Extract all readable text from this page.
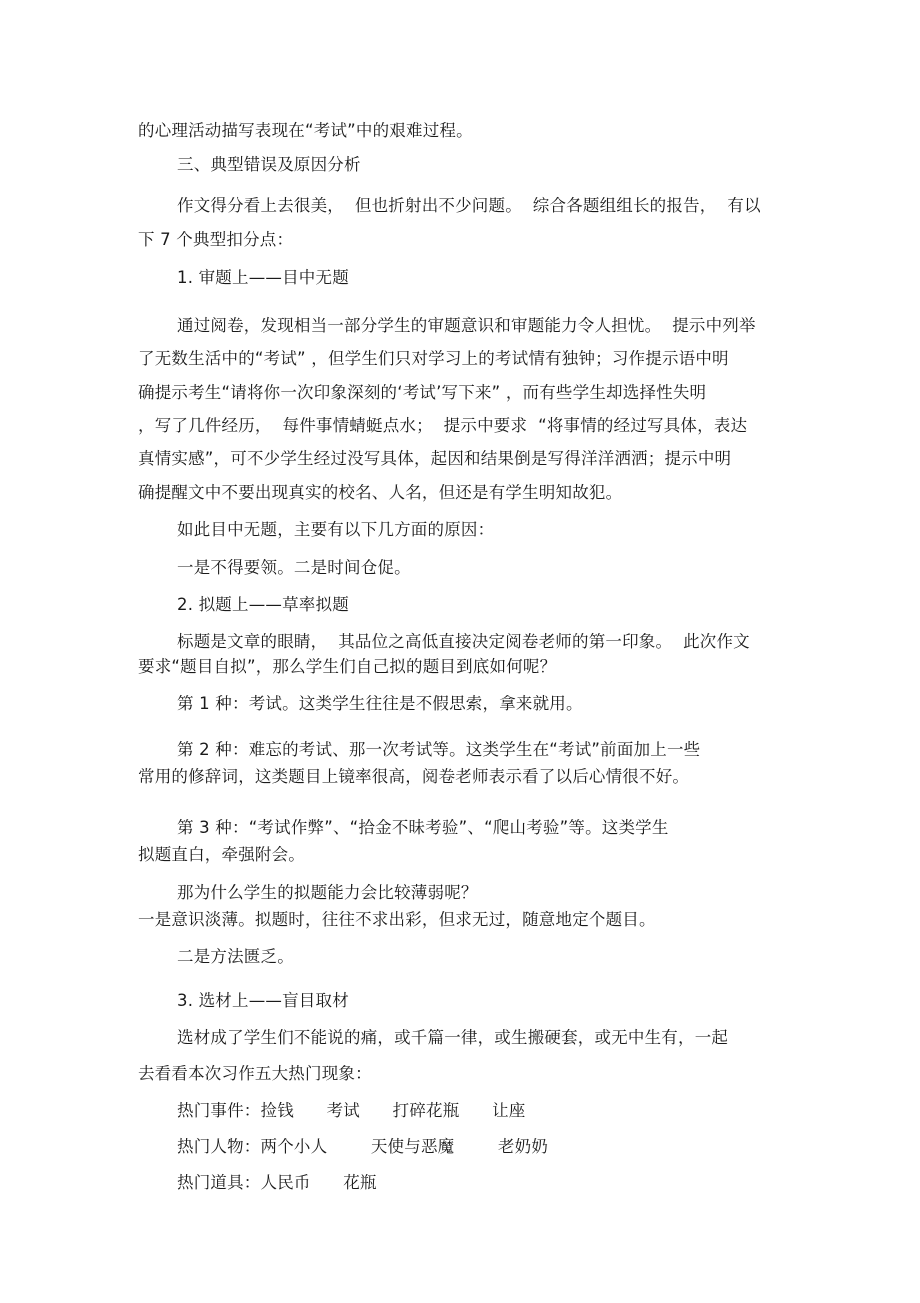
的心理活动描写表现在“考试”中的艰难过程。
三、典型错误及原因分析
作文得分看上去很美，  但也折射出不少问题。  综合各题组组长的报告，  有以
下 7 个典型扣分点：
1. 审题上——目中无题
通过阅卷，发现相当一部分学生的审题意识和审题能力令人担忧。  提示中列举
了无数生活中的“考试” ，但学生们只对学习上的考试情有独钟；习作提示语中明
确提示考生“请将你一次印象深刻的‘考试’写下来” ，而有些学生却选择性失明
，写了几件经历，  每件事情蜻蜓点水；  提示中要求  “将事情的经过写具体，表达
真情实感”，可不少学生经过没写具体，起因和结果倒是写得洋洋洒洒；提示中明
确提醒文中不要出现真实的校名、人名，但还是有学生明知故犯。
如此目中无题，主要有以下几方面的原因：
一是不得要领。二是时间仓促。
2. 拟题上——草率拟题
标题是文章的眼睛，  其品位之高低直接决定阅卷老师的第一印象。  此次作文
要求“题目自拟”，那么学生们自己拟的题目到底如何呢？
第 1 种：考试。这类学生往往是不假思索，拿来就用。
第 2 种：难忘的考试、那一次考试等。这类学生在“考试”前面加上一些
常用的修辞词，这类题目上镜率很高，阅卷老师表示看了以后心情很不好。
第 3 种：“考试作弊”、“拾金不昧考验”、“爬山考验”等。这类学生
拟题直白，牵强附会。
那为什么学生的拟题能力会比较薄弱呢？
一是意识淡薄。拟题时，往往不求出彩，但求无过，随意地定个题目。
二是方法匮乏。
3. 选材上——盲目取材
选材成了学生们不能说的痛，或千篇一律，或生搬硬套，或无中生有，一起
去看看本次习作五大热门现象：
热门事件：捡钱      考试      打碎花瓶      让座
热门人物：两个小人        天使与恶魔        老奶奶
热门道具：人民币      花瓶
